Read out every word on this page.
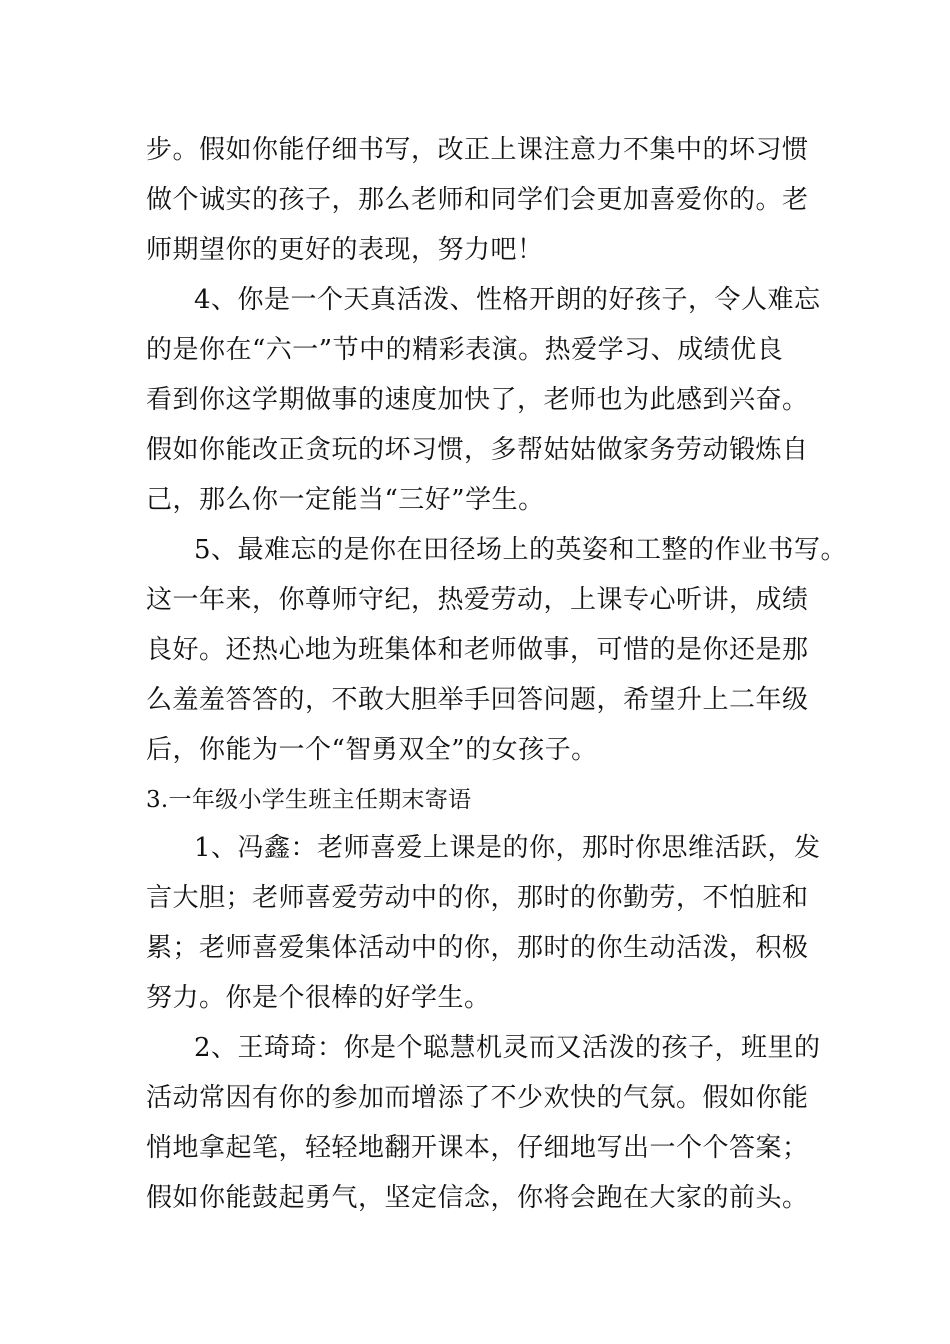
步。假如你能仔细书写，改正上课注意力不集中的坏习惯
做个诚实的孩子，那么老师和同学们会更加喜爱你的。老
师期望你的更好的表现，努力吧！
4、你是一个天真活泼、性格开朗的好孩子，令人难忘
的是你在“六一”节中的精彩表演。热爱学习、成绩优良
看到你这学期做事的速度加快了，老师也为此感到兴奋。
假如你能改正贪玩的坏习惯，多帮姑姑做家务劳动锻炼自
己，那么你一定能当“三好”学生。
5、最难忘的是你在田径场上的英姿和工整的作业书写。
这一年来，你尊师守纪，热爱劳动，上课专心听讲，成绩
良好。还热心地为班集体和老师做事，可惜的是你还是那
么羞羞答答的，不敢大胆举手回答问题，希望升上二年级
后，你能为一个“智勇双全”的女孩子。
3.一年级小学生班主任期末寄语
1、冯鑫：老师喜爱上课是的你，那时你思维活跃，发
言大胆；老师喜爱劳动中的你，那时的你勤劳，不怕脏和
累；老师喜爱集体活动中的你，那时的你生动活泼，积极
努力。你是个很棒的好学生。
2、王琦琦：你是个聪慧机灵而又活泼的孩子，班里的
活动常因有你的参加而增添了不少欢快的气氛。假如你能
悄地拿起笔，轻轻地翻开课本，仔细地写出一个个答案；
假如你能鼓起勇气，坚定信念，你将会跑在大家的前头。
